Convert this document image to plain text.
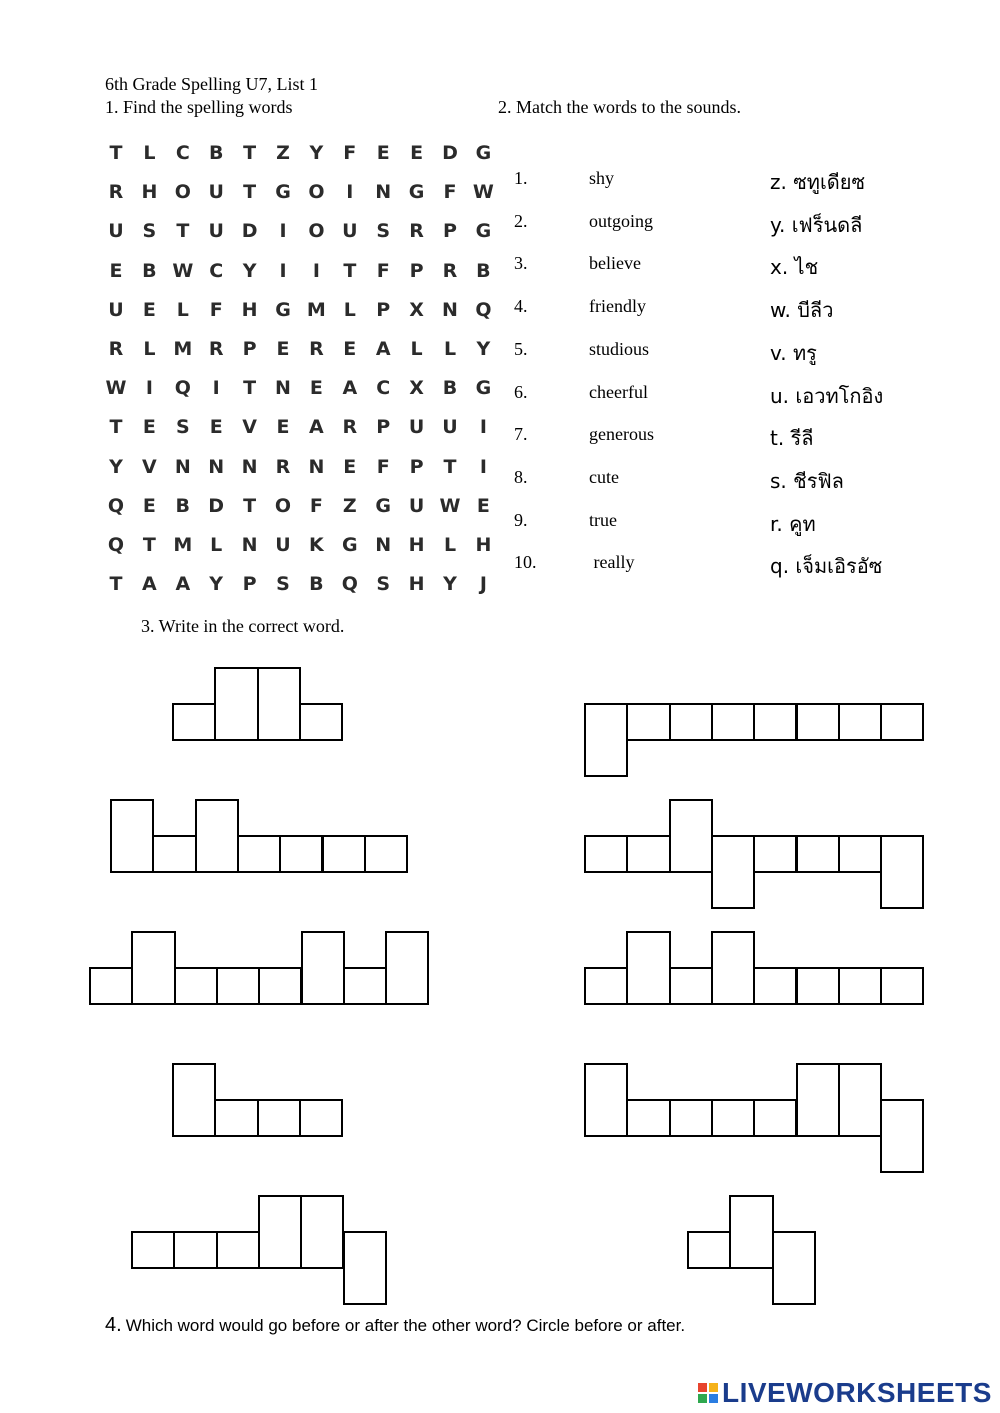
6th Grade Spelling U7, List 1
1. Find the spelling words	2. Match the words to the sounds.
T	L	C	B	T	Z	Y	F	E	E	D G
R H O U	T	G O	I	N G	F W
U S	T	U D	I	O U S	R	P G
E	B W C	Y	I	I	T	F	P	R B
U	E	L	F H G M L	P	X N Q
R	L M R	P	E	R	E	A	L	L	Y
W	I	Q	I	T N E	A	C	X B G
T	E	S	E	V	E	A R	P U U	I
Y	V N N N R N E	F	P	T	I
Q E	B D	T O F	Z G U W E
Q T M L	N U K G N H	L	H
T	A A	Y	P	S	B Q S H Y	J
1.	shy	z. ซทูเดียซ
2.	outgoing	y. เฟร็นดลี
3.	believe	x. ไช
4.	friendly	w. บีลีว
5.	studious	v. ทรู
6.	cheerful	u. เอวทโกอิง
7.	generous	t. รีลี
8.	cute	s. ชีรฟิล
9.	true	r. คูท
10.	really	q. เจ็มเอิรอัซ
3. Write in the correct word.
4. Which word would go before or after the other word? Circle before or after.
LIVEWORKSHEETS
